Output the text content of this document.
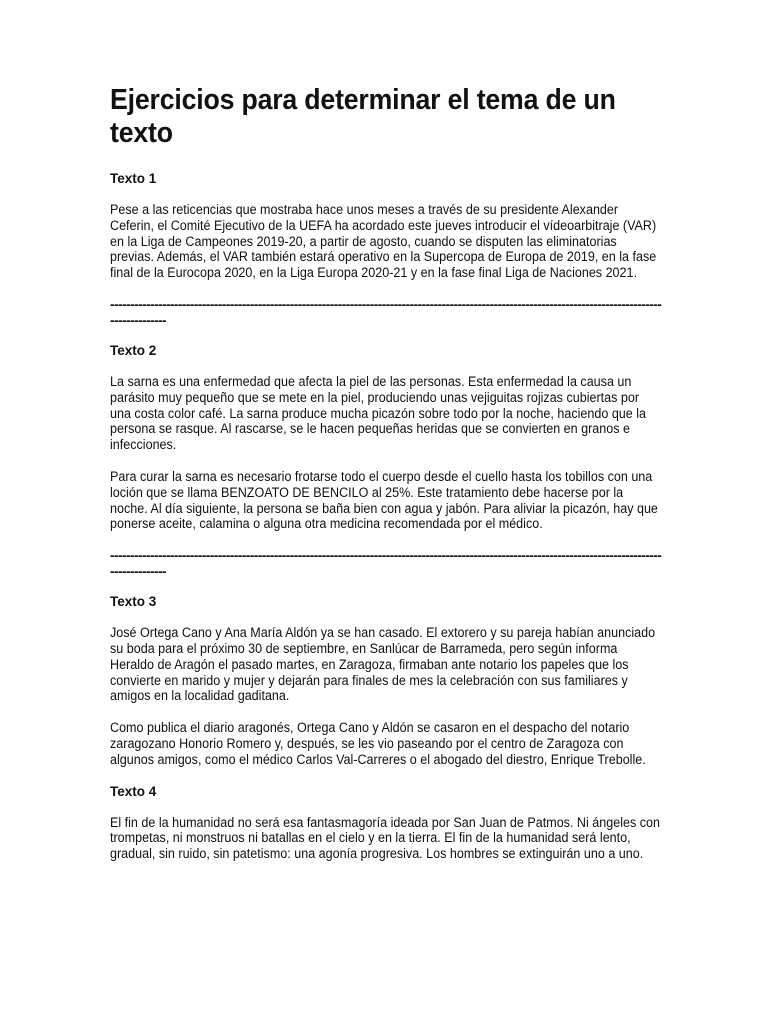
Ejercicios para determinar el tema de un texto
Texto 1

Pese a las reticencias que mostraba hace unos meses a través de su presidente Alexander Ceferin, el Comité Ejecutivo de la UEFA ha acordado este jueves introducir el vídeoarbitraje (VAR) en la Liga de Campeones 2019-20, a partir de agosto, cuando se disputen las eliminatorias previas. Además, el VAR también estará operativo en la Supercopa de Europa de 2019, en la fase final de la Eurocopa 2020, en la Liga Europa 2020-21 y en la fase final Liga de Naciones 2021.

--------------------------------------------------------------------------------------------------------------------------------------------------------
Texto 2

La sarna es una enfermedad que afecta la piel de las personas. Esta enfermedad la causa un parásito muy pequeño que se mete en la piel, produciendo unas vejiguitas rojizas cubiertas por una costa color café. La sarna produce mucha picazón sobre todo por la noche, haciendo que la persona se rasque. Al rascarse, se le hacen pequeñas heridas que se convierten en granos e infecciones.

Para curar la sarna es necesario frotarse todo el cuerpo desde el cuello hasta los tobillos con una loción que se llama BENZOATO DE BENCILO al 25%. Este tratamiento debe hacerse por la noche. Al día siguiente, la persona se baña bien con agua y jabón. Para aliviar la picazón, hay que ponerse aceite, calamina o alguna otra medicina recomendada por el médico.

--------------------------------------------------------------------------------------------------------------------------------------------------------
Texto 3

José Ortega Cano y Ana María Aldón ya se han casado. El extorero y su pareja habían anunciado su boda para el próximo 30 de septiembre, en Sanlúcar de Barrameda, pero según informa Heraldo de Aragón el pasado martes, en Zaragoza, firmaban ante notario los papeles que los convierte en marido y mujer y dejarán para finales de mes la celebración con sus familiares y amigos en la localidad gaditana.

Como publica el diario aragonés, Ortega Cano y Aldón se casaron en el despacho del notario zaragozano Honorio Romero y, después, se les vio paseando por el centro de Zaragoza con algunos amigos, como el médico Carlos Val-Carreres o el abogado del diestro, Enrique Trebolle.

Texto 4

El fin de la humanidad no será esa fantasmagoría ideada por San Juan de Patmos. Ni ángeles con trompetas, ni monstruos ni batallas en el cielo y en la tierra. El fin de la humanidad será lento, gradual, sin ruido, sin patetismo: una agonía progresiva. Los hombres se extinguirán uno a uno.
